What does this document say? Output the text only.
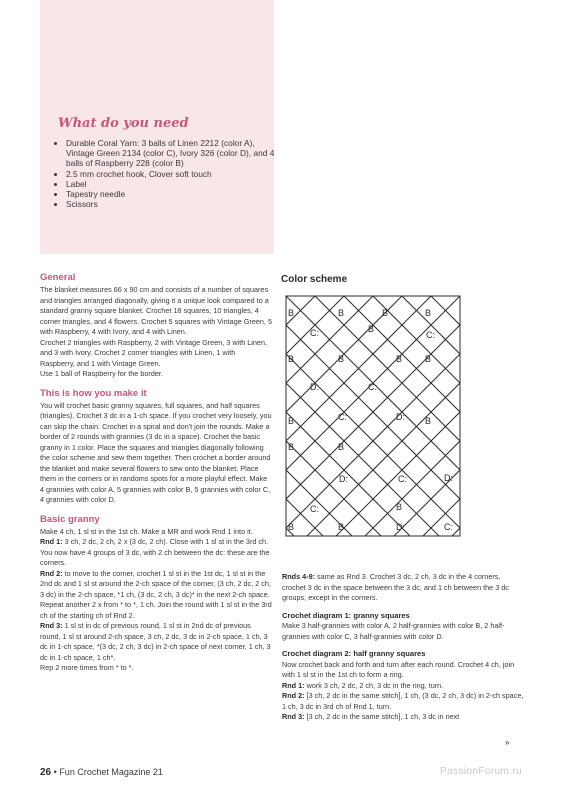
What do you need
• Durable Coral Yarn: 3 balls of Linen 2212 (color A), Vintage Green 2134 (color C), Ivory 326 (color D), and 4 balls of Raspberry 228 (color B)
• 2.5 mm crochet hook, Clover soft touch
• Label
• Tapestry needle
• Scissors
General

The blanket measures 66 x 90 cm and consists of a number of squares and triangles arranged diagonally, giving it a unique look compared to a standard granny square blanket. Crochet 18 squares, 10 triangles, 4 corner triangles, and 4 flowers. Crochet 5 squares with Vintage Green, 5 with Raspberry, 4 with Ivory, and 4 with Linen.

Crochet 2 triangles with Raspberry, 2 with Vintage Green, 3 with Linen, and 3 with Ivory. Crochet 2 corner triangles with Linen, 1 with Raspberry, and 1 with Vintage Green.

Use 1 ball of Raspberry for the border.

This is how you make it

You will crochet basic granny squares, full squares, and half squares (triangles). Crochet 3 dc in a 1-ch space. If you crochet very loosely, you can skip the chain. Crochet in a spiral and don't join the rounds. Make a border of 2 rounds with grannies (3 dc in a space). Crochet the basic granny in 1 color. Place the squares and triangles diagonally following the color scheme and sew them together. Then crochet a border around the blanket and make several flowers to sew onto the blanket. Place them in the corners or in randoms spots for a more playful effect. Make 4 grannies with color A, 5 grannies with color B, 5 grannies with color C, 4 grannies with color D.

Basic granny

Make 4 ch, 1 sl st in the 1st ch. Make a MR and work Rnd 1 into it.

Rnd 1: 3 ch, 2 dc, 2 ch, 2 x (3 dc, 2 ch). Close with 1 sl st in the 3rd ch. You now have 4 groups of 3 dc, with 2 ch between the dc: these are the corners.

Rnd 2: to move to the corner, crochet 1 sl st in the 1st dc, 1 sl st in the 2nd dc and 1 sl st around the 2-ch space of the corner, (3 ch, 2 dc, 2 ch, 3 dc) in the 2-ch space, *1 ch, (3 dc, 2 ch, 3 dc)* in the next 2-ch space.

Repeat another 2 x from * to *, 1 ch. Join the round with 1 sl st in the 3rd ch of the starting ch of Rnd 2.

Rnd 3: 1 sl st in dc of previous round, 1 sl st in 2nd dc of previous round, 1 sl st around 2-ch space, 3 ch, 2 dc, 3 dc in 2-ch space, 1 ch, 3 dc in 1-ch space, *(3 dc, 2 ch, 3 dc) in 2-ch space of next corner, 1 ch, 3 dc in 1-ch space, 1 ch*.

Rep 2 more times from * to *.

Color scheme
B	B	B	B
C:	B
C:
B	B	B	B
D:	C:
B	C:	B
D:
B
D:	C:	D:
B
C:	B
B	B	D:	C:

Rnds 4-9: same as Rnd 3. Crochet 3 dc, 2 ch, 3 dc in the 4 corners, crochet 3 dc in the space between the 3 dc, and 1 ch between the 3 dc groups, except in the corners.

Crochet diagram 1: granny squares

Make 3 half-grannies with color A, 2 half-grannies with color B, 2 half-grannies with color C, 3 half-grannies with color D.

Crochet diagram 2: half granny squares

Now crochet back and forth and turn after each round. Crochet 4 ch, join with 1 sl st in the 1st ch to form a ring.

Rnd 1: work 3 ch, 2 dc, 2 ch, 3 dc in the ring, turn.

Rnd 2: [3 ch, 2 dc in the same stitch], 1 ch, (3 dc, 2 ch, 3 dc) in 2-ch space, 1 ch, 3 dc in 3rd ch of Rnd 1, turn.

Rnd 3: [3 ch, 2 dc in the same stitch], 1 ch, 3 dc in next

»
26 • Fun Crochet Magazine 21	PassionForum.ru
